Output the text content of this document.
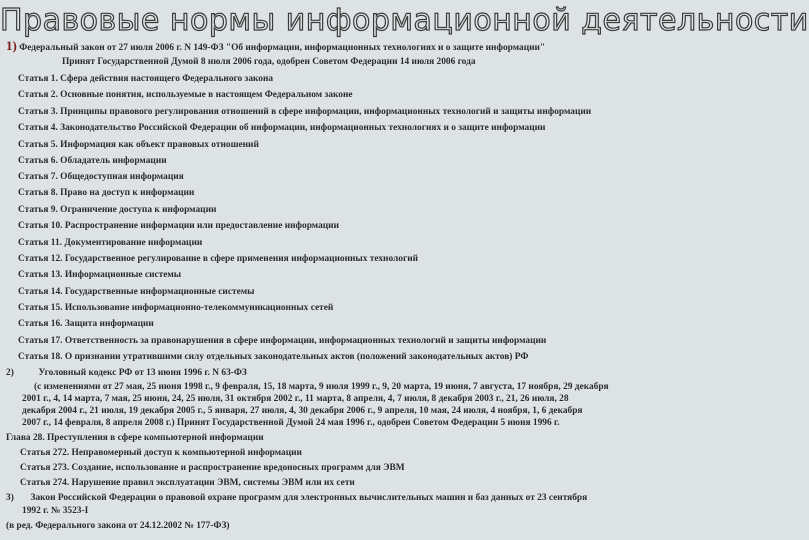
Правовые нормы информационной деятельности
1) Федеральный закон от 27 июля 2006 г. N 149-ФЗ "Об информации, информационных технологиях и о защите информации"
Принят Государственной Думой 8 июля 2006 года, одобрен Советом Федерации 14 июля 2006 года
Статья 1. Сфера действия настоящего Федерального закона
Статья 2. Основные понятия, используемые в настоящем Федеральном законе
Статья 3. Принципы правового регулирования отношений в сфере информации, информационных технологий и защиты информации
Статья 4. Законодательство Российской Федерации об информации, информационных технологиях и о защите информации
Статья 5. Информация как объект правовых отношений
Статья 6. Обладатель информации
Статья 7. Общедоступная информация
Статья 8. Право на доступ к информации
Статья 9. Ограничение доступа к информации
Статья 10. Распространение информации или предоставление информации
Статья 11. Документирование информации
Статья 12. Государственное регулирование в сфере применения информационных технологий
Статья 13. Информационные системы
Статья 14. Государственные информационные системы
Статья 15. Использование информационно-телекоммуникационных сетей
Статья 16. Защита информации
Статья 17. Ответственность за правонарушения в сфере информации, информационных технологий и защиты информации
Статья 18. О признании утратившими силу отдельных законодательных актов (положений законодательных актов) РФ
2)	Уголовный кодекс РФ от 13 июня 1996 г. N 63-ФЗ
(с изменениями от 27 мая, 25 июня 1998 г., 9 февраля, 15, 18 марта, 9 июля 1999 г., 9, 20 марта, 19 июня, 7 августа, 17 ноября, 29 декабря
2001 г., 4, 14 марта, 7 мая, 25 июня, 24, 25 июля, 31 октября 2002 г., 11 марта, 8 апреля, 4, 7 июля, 8 декабря 2003 г., 21, 26 июля, 28
декабря 2004 г., 21 июля, 19 декабря 2005 г., 5 января, 27 июля, 4, 30 декабря 2006 г., 9 апреля, 10 мая, 24 июля, 4 ноября, 1, 6 декабря
2007 г., 14 февраля, 8 апреля 2008 г.) Принят Государственной Думой 24 мая 1996 г., одобрен Советом Федерации 5 июня 1996 г.
Глава 28. Преступления в сфере компьютерной информации
Статья 272. Неправомерный доступ к компьютерной информации
Статья 273. Создание, использование и распространение вредоносных программ для ЭВМ
Статья 274. Нарушение правил эксплуатации ЭВМ, системы ЭВМ или их сети
3) Закон Российской Федерации о правовой охране программ для электронных вычислительных машин и баз данных от 23 сентября
1992 г. № 3523-I
(в ред. Федерального закона от 24.12.2002 № 177-ФЗ)
